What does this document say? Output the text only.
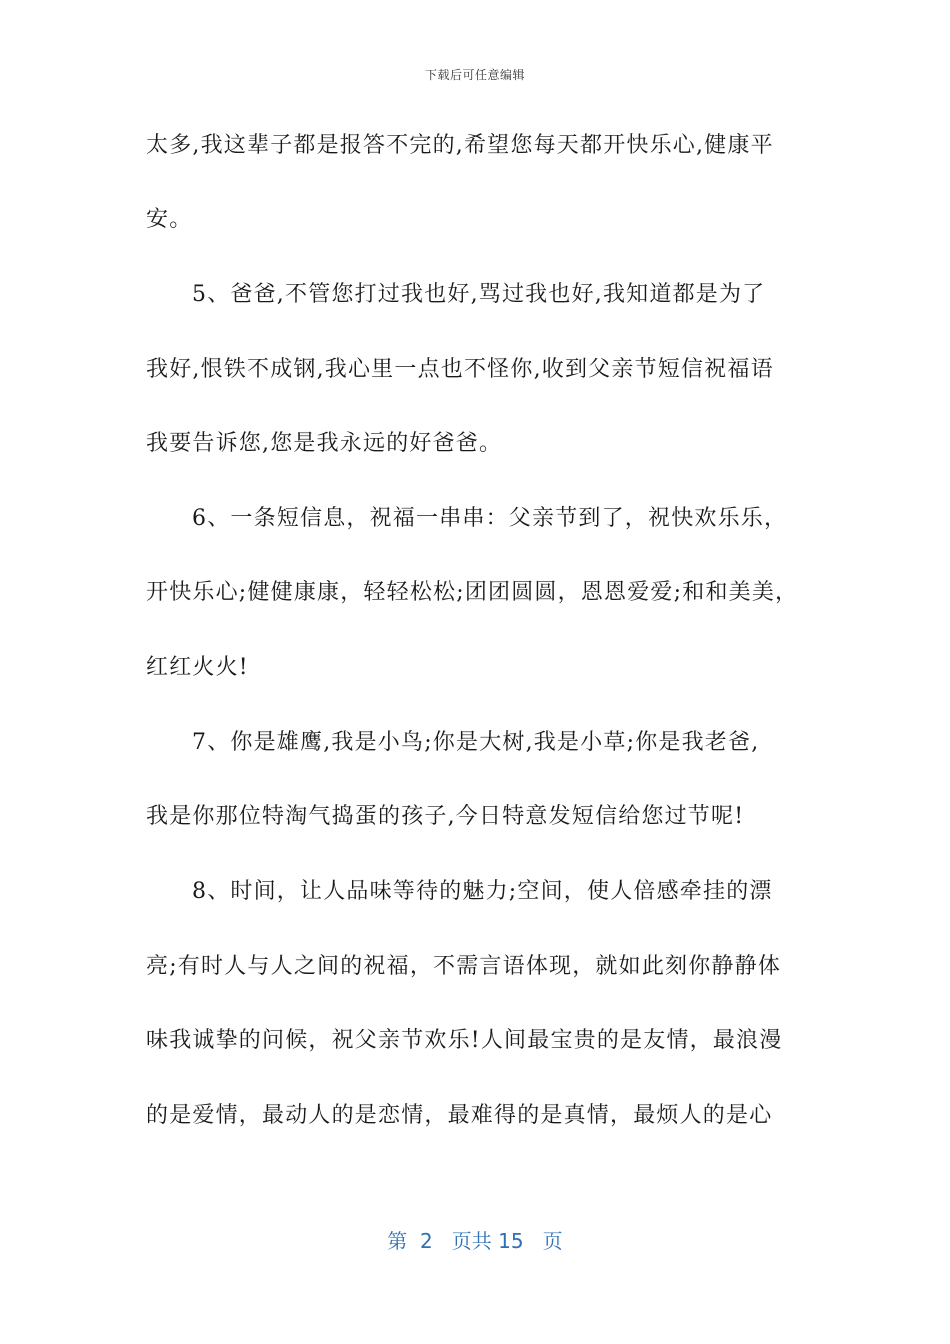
下载后可任意编辑
太多,我这辈子都是报答不完的,希望您每天都开快乐心,健康平
安。
5、爸爸,不管您打过我也好,骂过我也好,我知道都是为了
我好,恨铁不成钢,我心里一点也不怪你,收到父亲节短信祝福语
我要告诉您,您是我永远的好爸爸。
6、一条短信息，祝福一串串：父亲节到了，祝快欢乐乐，
开快乐心;健健康康，轻轻松松;团团圆圆，恩恩爱爱;和和美美，
红红火火!
7、你是雄鹰,我是小鸟;你是大树,我是小草;你是我老爸,
我是你那位特淘气捣蛋的孩子,今日特意发短信给您过节呢!
8、时间，让人品味等待的魅力;空间，使人倍感牵挂的漂
亮;有时人与人之间的祝福，不需言语体现，就如此刻你静静体
味我诚挚的问候，祝父亲节欢乐!人间最宝贵的是友情，最浪漫
的是爱情，最动人的是恋情，最难得的是真情，最烦人的是心
第  2   页共 15   页
